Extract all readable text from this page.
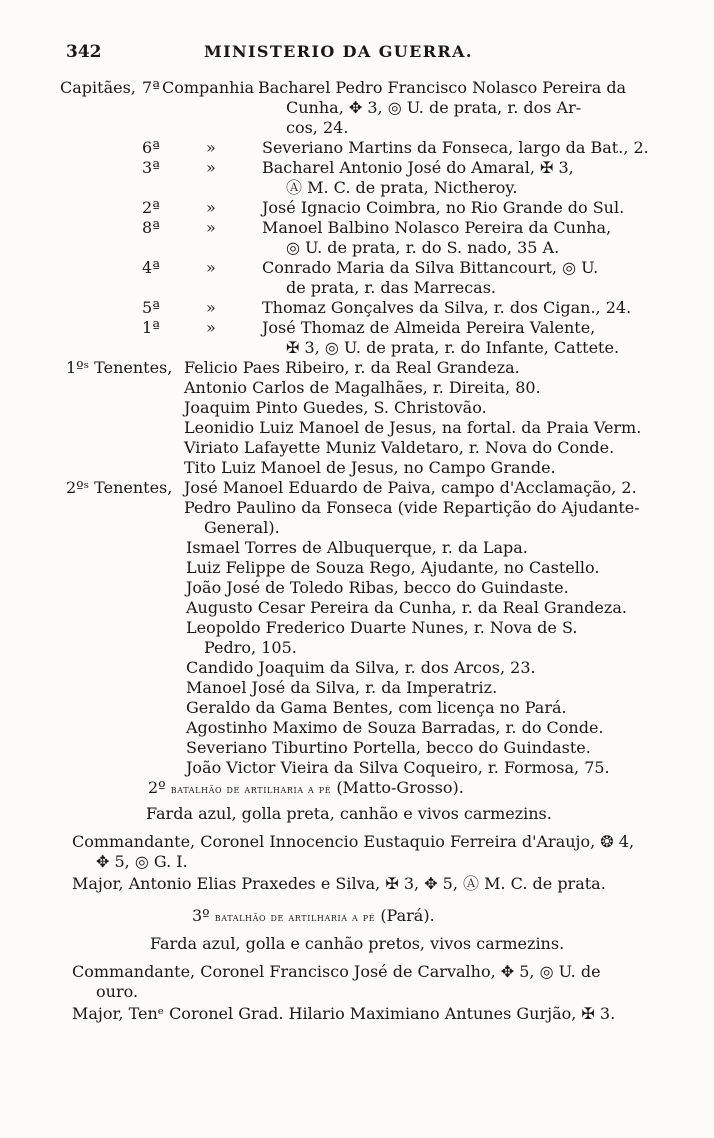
342	MINISTERIO DA GUERRA.
Capitães, 7ª Companhia Bacharel Pedro Francisco Nolasco Pereira da
Cunha, ✥ 3, ◎ U. de prata, r. dos Ar-
cos, 24.
6ª	»	Severiano Martins da Fonseca, largo da Bat., 2.
3ª	»	Bacharel Antonio José do Amaral, ✠ 3,
Ⓐ M. C. de prata, Nictheroy.
2ª	»	José Ignacio Coimbra, no Rio Grande do Sul.
8ª	»	Manoel Balbino Nolasco Pereira da Cunha,
◎ U. de prata, r. do S. nado, 35 A.
4ª	»	Conrado Maria da Silva Bittancourt, ◎ U.
de prata, r. das Marrecas.
5ª	»	Thomaz Gonçalves da Silva, r. dos Cigan., 24.
1ª	»	José Thomaz de Almeida Pereira Valente,
✠ 3, ◎ U. de prata, r. do Infante, Cattete.
1ºˢ Tenentes, Felicio Paes Ribeiro, r. da Real Grandeza.
Antonio Carlos de Magalhães, r. Direita, 80.
Joaquim Pinto Guedes, S. Christovão.
Leonidio Luiz Manoel de Jesus, na fortal. da Praia Verm.
Viriato Lafayette Muniz Valdetaro, r. Nova do Conde.
Tito Luiz Manoel de Jesus, no Campo Grande.
2ºˢ Tenentes, José Manoel Eduardo de Paiva, campo d'Acclamação, 2.
Pedro Paulino da Fonseca (vide Repartição do Ajudante-
General).
Ismael Torres de Albuquerque, r. da Lapa.
Luiz Felippe de Souza Rego, Ajudante, no Castello.
João José de Toledo Ribas, becco do Guindaste.
Augusto Cesar Pereira da Cunha, r. da Real Grandeza.
Leopoldo Frederico Duarte Nunes, r. Nova de S.
Pedro, 105.
Candido Joaquim da Silva, r. dos Arcos, 23.
Manoel José da Silva, r. da Imperatriz.
Geraldo da Gama Bentes, com licença no Pará.
Agostinho Maximo de Souza Barradas, r. do Conde.
Severiano Tiburtino Portella, becco do Guindaste.
João Victor Vieira da Silva Coqueiro, r. Formosa, 75.
2º batalhão de artilharia a pé (Matto-Grosso).
Farda azul, golla preta, canhão e vivos carmezins.
Commandante, Coronel Innocencio Eustaquio Ferreira d'Araujo, ❂ 4,
✥ 5, ◎ G. I.
Major, Antonio Elias Praxedes e Silva, ✠ 3, ✥ 5, Ⓐ M. C. de prata.
3º batalhão de artilharia a pé (Pará).
Farda azul, golla e canhão pretos, vivos carmezins.
Commandante, Coronel Francisco José de Carvalho, ✥ 5, ◎ U. de
ouro.
Major, Tenᵉ Coronel Grad. Hilario Maximiano Antunes Gurjão, ✠ 3.
